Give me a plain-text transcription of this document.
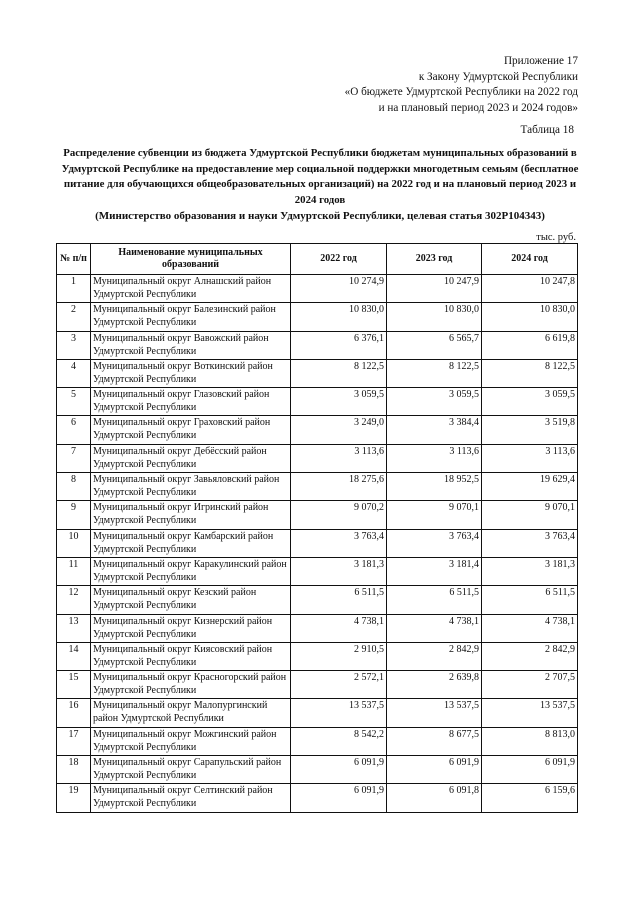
Приложение 17
к Закону Удмуртской Республики
«О бюджете Удмуртской Республики на 2022 год
и на плановый период 2023 и 2024 годов»
Таблица 18
Распределение субвенции из бюджета Удмуртской Республики бюджетам муниципальных образований в Удмуртской Республике на предоставление мер социальной поддержки многодетным семьям (бесплатное питание для обучающихся общеобразовательных организаций) на 2022 год и на плановый период 2023 и 2024 годов
(Министерство образования и науки Удмуртской Республики, целевая статья 302Р104343)
тыс. руб.
№ п/п	Наименование муниципальных образований	2022 год	2023 год	2024 год
1	Муниципальный округ Алнашский район Удмуртской Республики	10 274,9	10 247,9	10 247,8
2	Муниципальный округ Балезинский район Удмуртской Республики	10 830,0	10 830,0	10 830,0
3	Муниципальный округ Вавожский район Удмуртской Республики	6 376,1	6 565,7	6 619,8
4	Муниципальный округ Воткинский район Удмуртской Республики	8 122,5	8 122,5	8 122,5
5	Муниципальный округ Глазовский район Удмуртской Республики	3 059,5	3 059,5	3 059,5
6	Муниципальный округ Граховский район Удмуртской Республики	3 249,0	3 384,4	3 519,8
7	Муниципальный округ Дебёсский район Удмуртской Республики	3 113,6	3 113,6	3 113,6
8	Муниципальный округ Завьяловский район Удмуртской Республики	18 275,6	18 952,5	19 629,4
9	Муниципальный округ Игринский район Удмуртской Республики	9 070,2	9 070,1	9 070,1
10	Муниципальный округ Камбарский район Удмуртской Республики	3 763,4	3 763,4	3 763,4
11	Муниципальный округ Каракулинский район Удмуртской Республики	3 181,3	3 181,4	3 181,3
12	Муниципальный округ Кезский район Удмуртской Республики	6 511,5	6 511,5	6 511,5
13	Муниципальный округ Кизнерский район Удмуртской Республики	4 738,1	4 738,1	4 738,1
14	Муниципальный округ Киясовский район Удмуртской Республики	2 910,5	2 842,9	2 842,9
15	Муниципальный округ Красногорский район Удмуртской Республики	2 572,1	2 639,8	2 707,5
16	Муниципальный округ Малопургинский район Удмуртской Республики	13 537,5	13 537,5	13 537,5
17	Муниципальный округ Можгинский район Удмуртской Республики	8 542,2	8 677,5	8 813,0
18	Муниципальный округ Сарапульский район Удмуртской Республики	6 091,9	6 091,9	6 091,9
19	Муниципальный округ Селтинский район Удмуртской Республики	6 091,9	6 091,8	6 159,6
